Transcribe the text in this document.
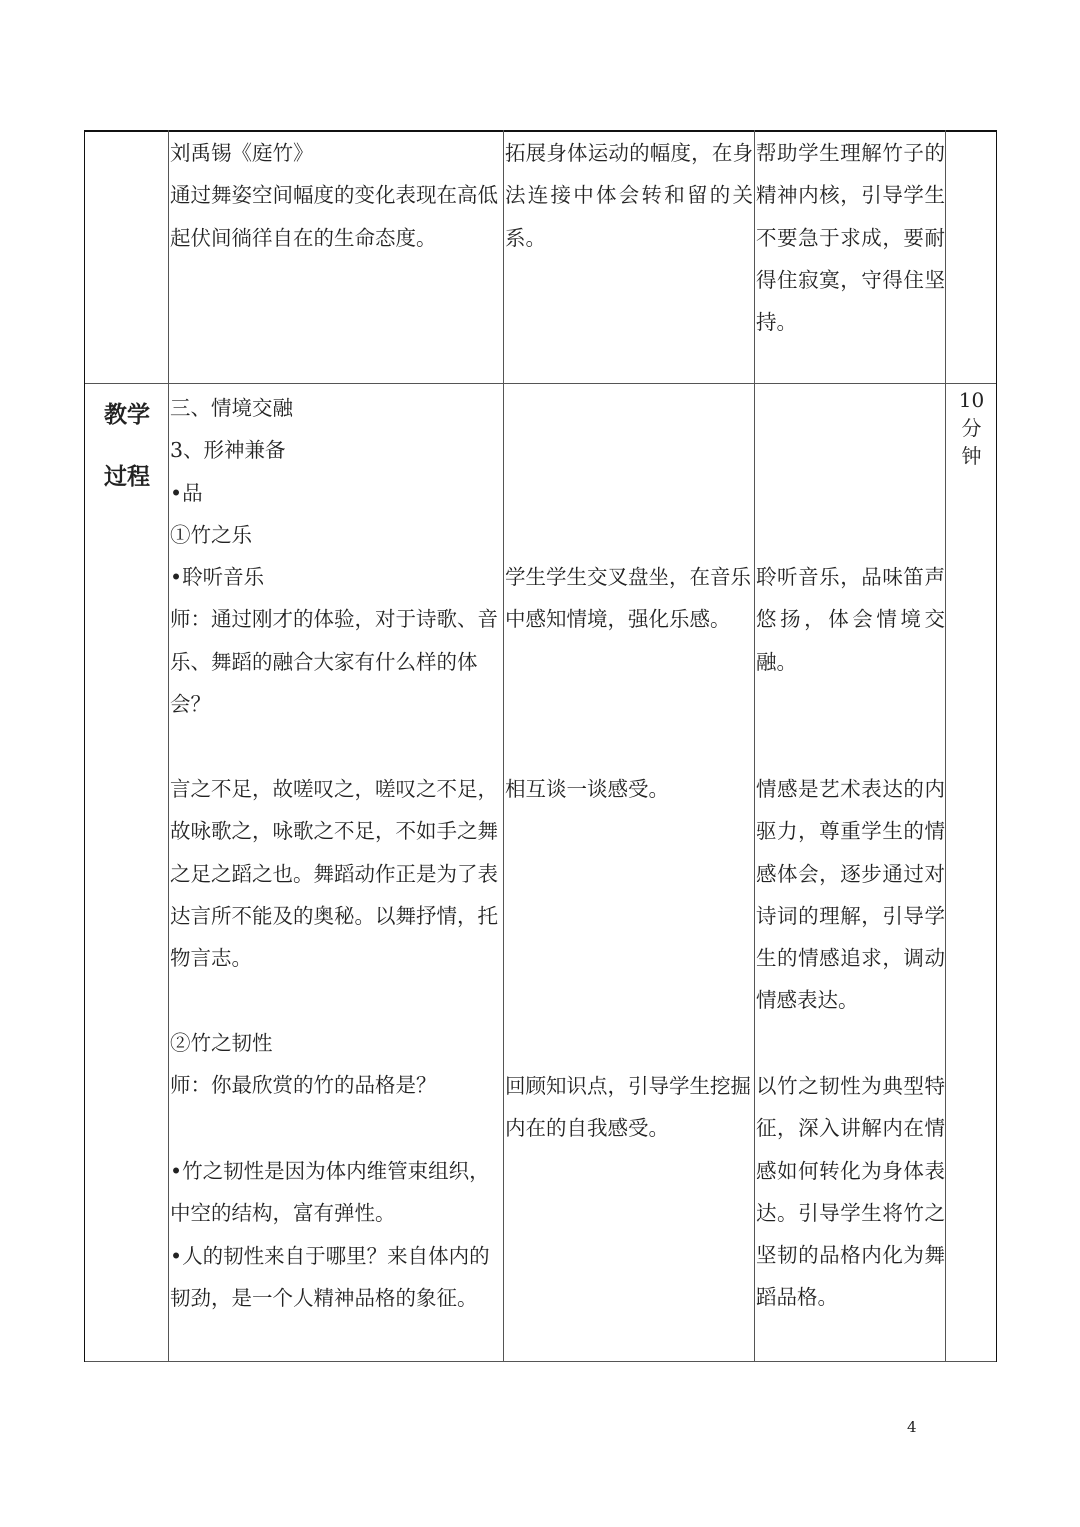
刘禹锡《庭竹》
通过舞姿空间幅度的变化表现在高低起伏间徜徉自在的生命态度。
拓展身体运动的幅度，在身法连接中体会转和留的关系。
帮助学生理解竹子的精神内核，引导学生不要急于求成，要耐得住寂寞，守得住坚持。
教学
过程
10
分
钟
三、情境交融
3、形神兼备
•品
①竹之乐
•聆听音乐
师：通过刚才的体验，对于诗歌、音乐、舞蹈的融合大家有什么样的体会？
言之不足，故嗟叹之，嗟叹之不足，故咏歌之，咏歌之不足，不如手之舞之足之蹈之也。舞蹈动作正是为了表达言所不能及的奥秘。以舞抒情，托物言志。
②竹之韧性
师：你最欣赏的竹的品格是？
•竹之韧性是因为体内维管束组织，中空的结构，富有弹性。
•人的韧性来自于哪里？来自体内的韧劲，是一个人精神品格的象征。
学生学生交叉盘坐，在音乐中感知情境，强化乐感。
相互谈一谈感受。
回顾知识点，引导学生挖掘内在的自我感受。
聆听音乐，品味笛声悠扬，体会情境交融。
情感是艺术表达的内驱力，尊重学生的情感体会，逐步通过对诗词的理解，引导学生的情感追求，调动情感表达。
以竹之韧性为典型特征，深入讲解内在情感如何转化为身体表达。引导学生将竹之坚韧的品格内化为舞蹈品格。
4
